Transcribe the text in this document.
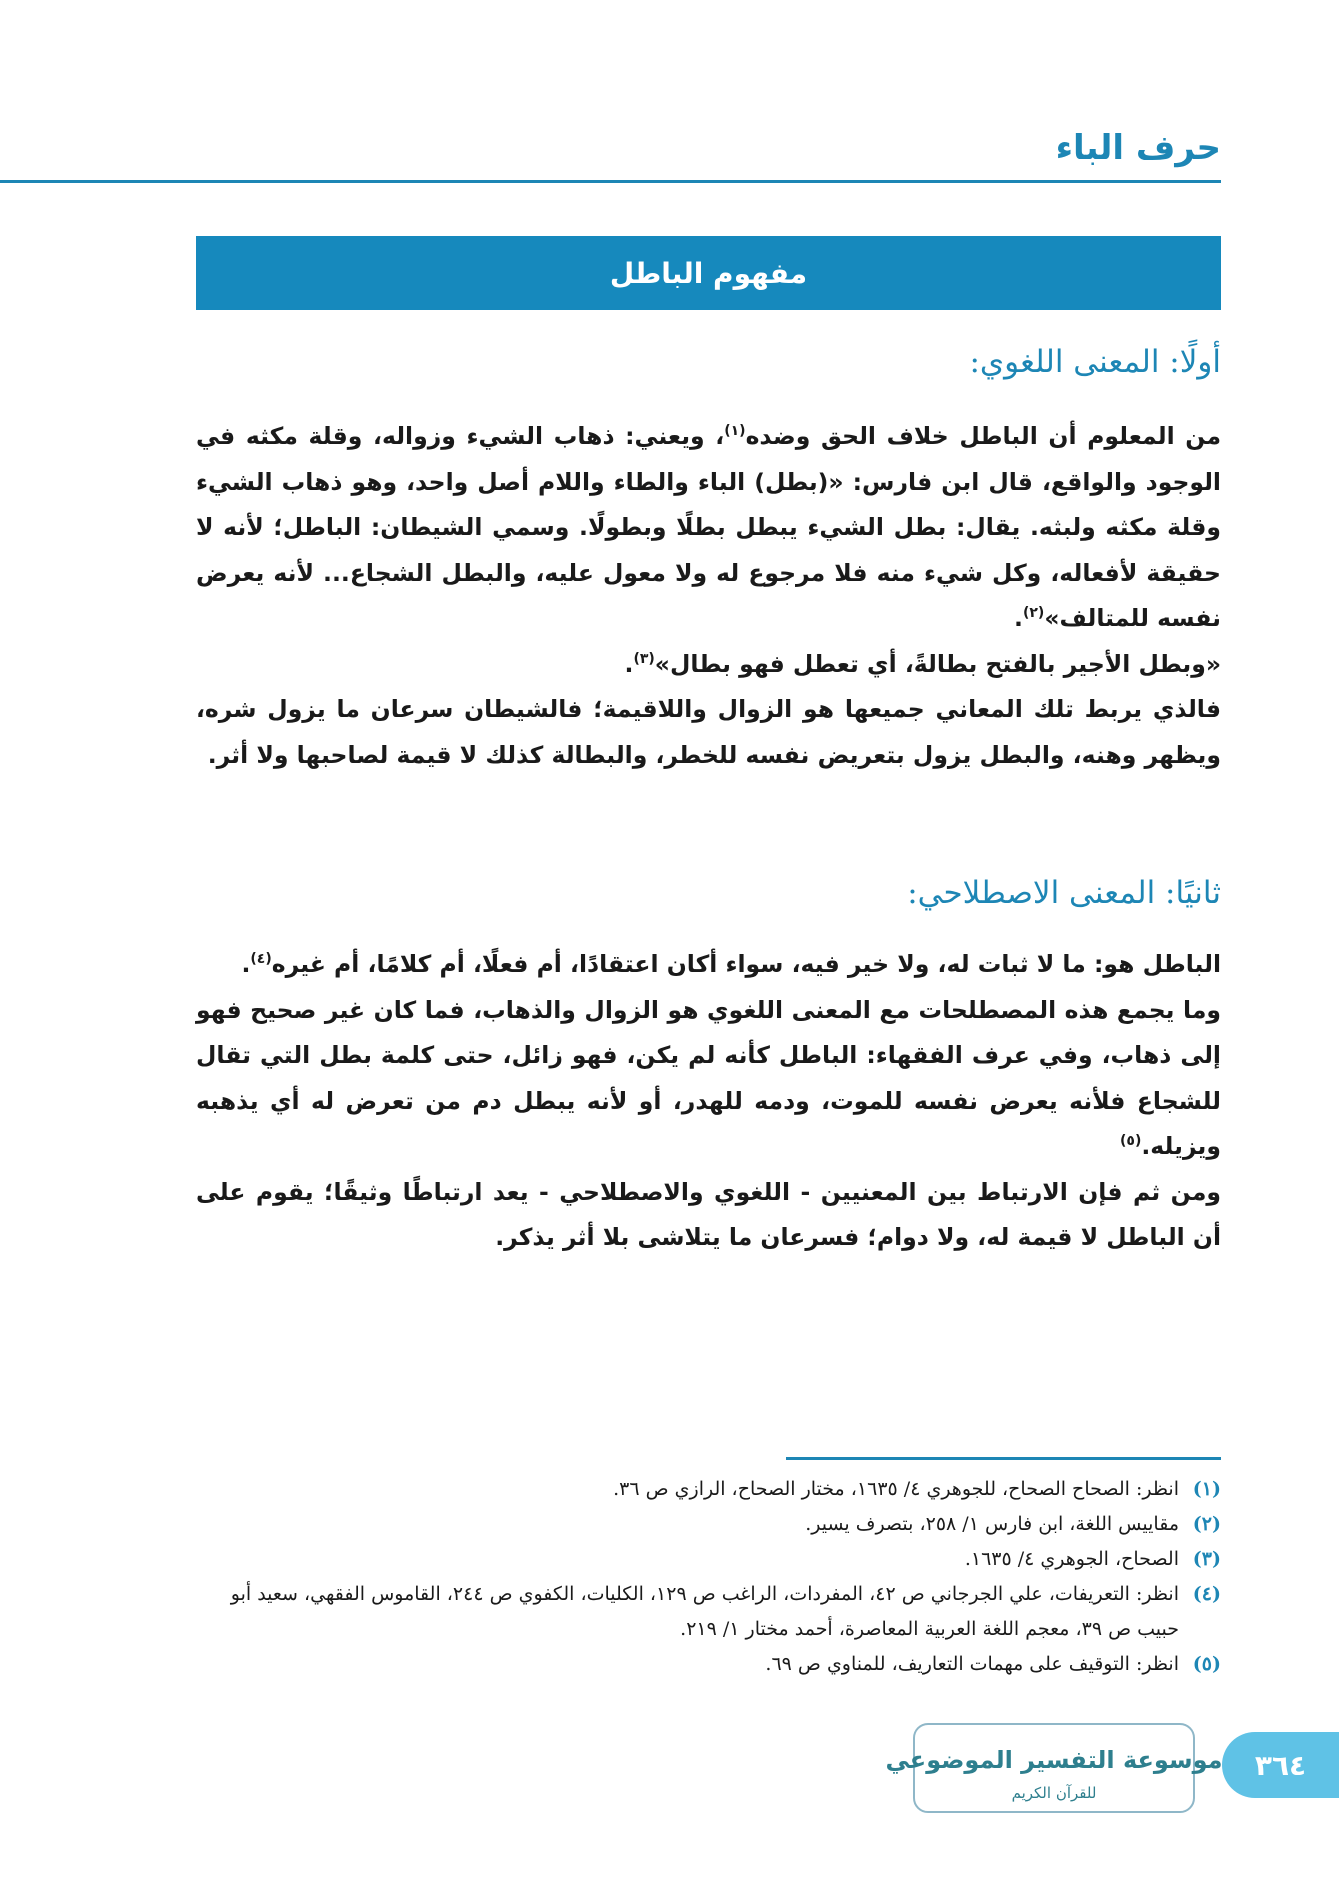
حرف الباء
مفهوم الباطل
أولًا: المعنى اللغوي:

من المعلوم أن الباطل خلاف الحق وضده$^{(١)}$، ويعني: ذهاب الشيء وزواله، وقلة مكثه في الوجود والواقع، قال ابن فارس: «(بطل) الباء والطاء واللام أصل واحد، وهو ذهاب الشيء وقلة مكثه ولبثه. يقال: بطل الشيء يبطل بطلًا وبطولًا. وسمي الشيطان: الباطل؛ لأنه لا حقيقة لأفعاله، وكل شيء منه فلا مرجوع له ولا معول عليه، والبطل الشجاع... لأنه يعرض نفسه للمتالف»$^{(٢)}$.

«وبطل الأجير بالفتح بطالةً، أي تعطل فهو بطال»$^{(٣)}$.

فالذي يربط تلك المعاني جميعها هو الزوال واللاقيمة؛ فالشيطان سرعان ما يزول شره، ويظهر وهنه، والبطل يزول بتعريض نفسه للخطر، والبطالة كذلك لا قيمة لصاحبها ولا أثر.

ثانيًا: المعنى الاصطلاحي:

الباطل هو: ما لا ثبات له، ولا خير فيه، سواء أكان اعتقادًا، أم فعلًا، أم كلامًا، أم غيره$^{(٤)}$.

وما يجمع هذه المصطلحات مع المعنى اللغوي هو الزوال والذهاب، فما كان غير صحيح فهو إلى ذهاب، وفي عرف الفقهاء: الباطل كأنه لم يكن، فهو زائل، حتى كلمة بطل التي تقال للشجاع فلأنه يعرض نفسه للموت، ودمه للهدر، أو لأنه يبطل دم من تعرض له أي يذهبه ويزيله.$^{(٥)}$

ومن ثم فإن الارتباط بين المعنيين - اللغوي والاصطلاحي - يعد ارتباطًا وثيقًا؛ يقوم على أن الباطل لا قيمة له، ولا دوام؛ فسرعان ما يتلاشى بلا أثر يذكر.

(١)
انظر: الصحاح الصحاح، للجوهري ٤/ ١٦٣٥، مختار الصحاح، الرازي ص ٣٦.
(٢)
مقاييس اللغة، ابن فارس ١/ ٢٥٨، بتصرف يسير.
(٣)
الصحاح، الجوهري ٤/ ١٦٣٥.
(٤)
انظر: التعريفات، علي الجرجاني ص ٤٢، المفردات، الراغب ص ١٢٩، الكليات، الكفوي ص ٢٤٤، القاموس الفقهي، سعيد أبو حبيب ص ٣٩، معجم اللغة العربية المعاصرة، أحمد مختار ١/ ٢١٩.
(٥)
انظر: التوقيف على مهمات التعاريف، للمناوي ص ٦٩.
موسوعة التفسير الموضوعي
للقرآن الكريم
٣٦٤
